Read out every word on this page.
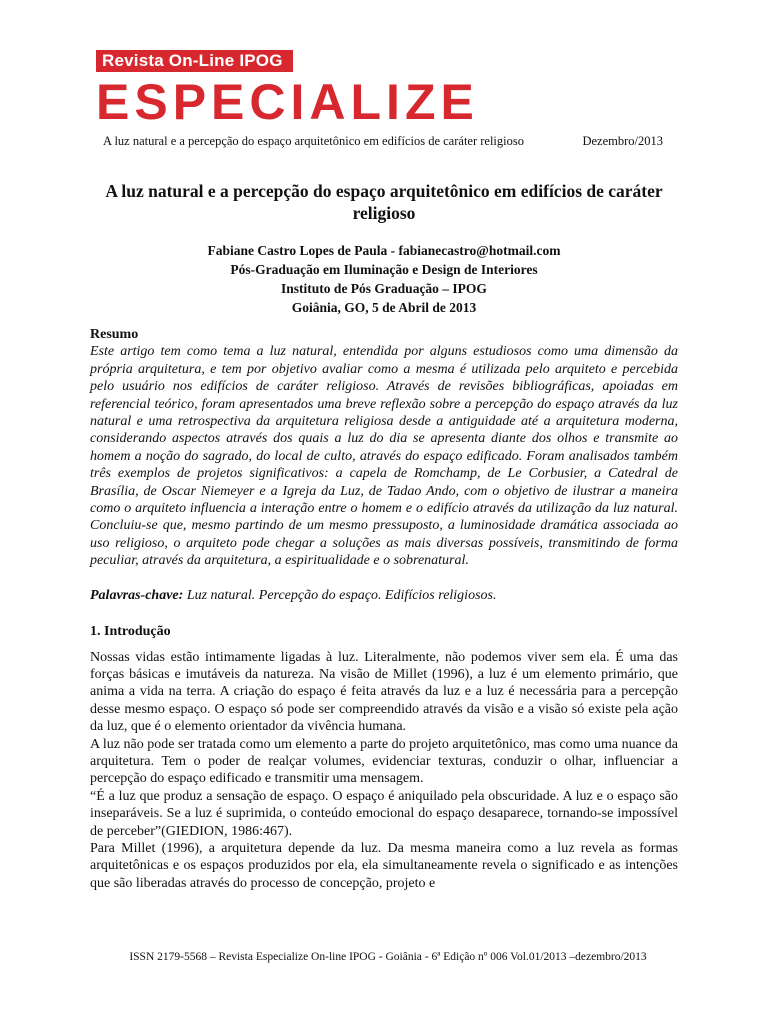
Revista On-Line IPOG
ESPECIALIZE
A luz natural e a percepção do espaço arquitetônico em edifícios de caráter religioso	Dezembro/2013
A luz natural e a percepção do espaço arquitetônico em edifícios de caráter religioso
Fabiane Castro Lopes de Paula - fabianecastro@hotmail.com
Pós-Graduação em Iluminação e Design de Interiores
Instituto de Pós Graduação – IPOG
Goiânia, GO, 5 de Abril de 2013
Resumo
Este artigo tem como tema a luz natural, entendida por alguns estudiosos como uma dimensão da própria arquitetura, e tem por objetivo avaliar como a mesma é utilizada pelo arquiteto e percebida pelo usuário nos edifícios de caráter religioso. Através de revisões bibliográficas, apoiadas em referencial teórico, foram apresentados uma breve reflexão sobre a percepção do espaço através da luz natural e uma retrospectiva da arquitetura religiosa desde a antiguidade até a arquitetura moderna, considerando aspectos através dos quais a luz do dia se apresenta diante dos olhos e transmite ao homem a noção do sagrado, do local de culto, através do espaço edificado. Foram analisados também três exemplos de projetos significativos: a capela de Romchamp, de Le Corbusier, a Catedral de Brasília, de Oscar Niemeyer e a Igreja da Luz, de Tadao Ando, com o objetivo de ilustrar a maneira como o arquiteto influencia a interação entre o homem e o edifício através da utilização da luz natural. Concluiu-se que, mesmo partindo de um mesmo pressuposto, a luminosidade dramática associada ao uso religioso, o arquiteto pode chegar a soluções as mais diversas possíveis, transmitindo de forma peculiar, através da arquitetura, a espiritualidade e o sobrenatural.
Palavras-chave: Luz natural. Percepção do espaço. Edifícios religiosos.
1. Introdução

Nossas vidas estão intimamente ligadas à luz. Literalmente, não podemos viver sem ela. É uma das forças básicas e imutáveis da natureza. Na visão de Millet (1996), a luz é um elemento primário, que anima a vida na terra. A criação do espaço é feita através da luz e a luz é necessária para a percepção desse mesmo espaço. O espaço só pode ser compreendido através da visão e a visão só existe pela ação da luz, que é o elemento orientador da vivência humana.

A luz não pode ser tratada como um elemento a parte do projeto arquitetônico, mas como uma nuance da arquitetura. Tem o poder de realçar volumes, evidenciar texturas, conduzir o olhar, influenciar a percepção do espaço edificado e transmitir uma mensagem.

“É a luz que produz a sensação de espaço. O espaço é aniquilado pela obscuridade. A luz e o espaço são inseparáveis. Se a luz é suprimida, o conteúdo emocional do espaço desaparece, tornando-se impossível de perceber”(GIEDION, 1986:467).

Para Millet (1996), a arquitetura depende da luz. Da mesma maneira como a luz revela as formas arquitetônicas e os espaços produzidos por ela, ela simultaneamente revela o significado e as intenções que são liberadas através do processo de concepção, projeto e

ISSN 2179-5568 – Revista Especialize On-line IPOG - Goiânia - 6ª Edição nº 006 Vol.01/2013 –dezembro/2013
